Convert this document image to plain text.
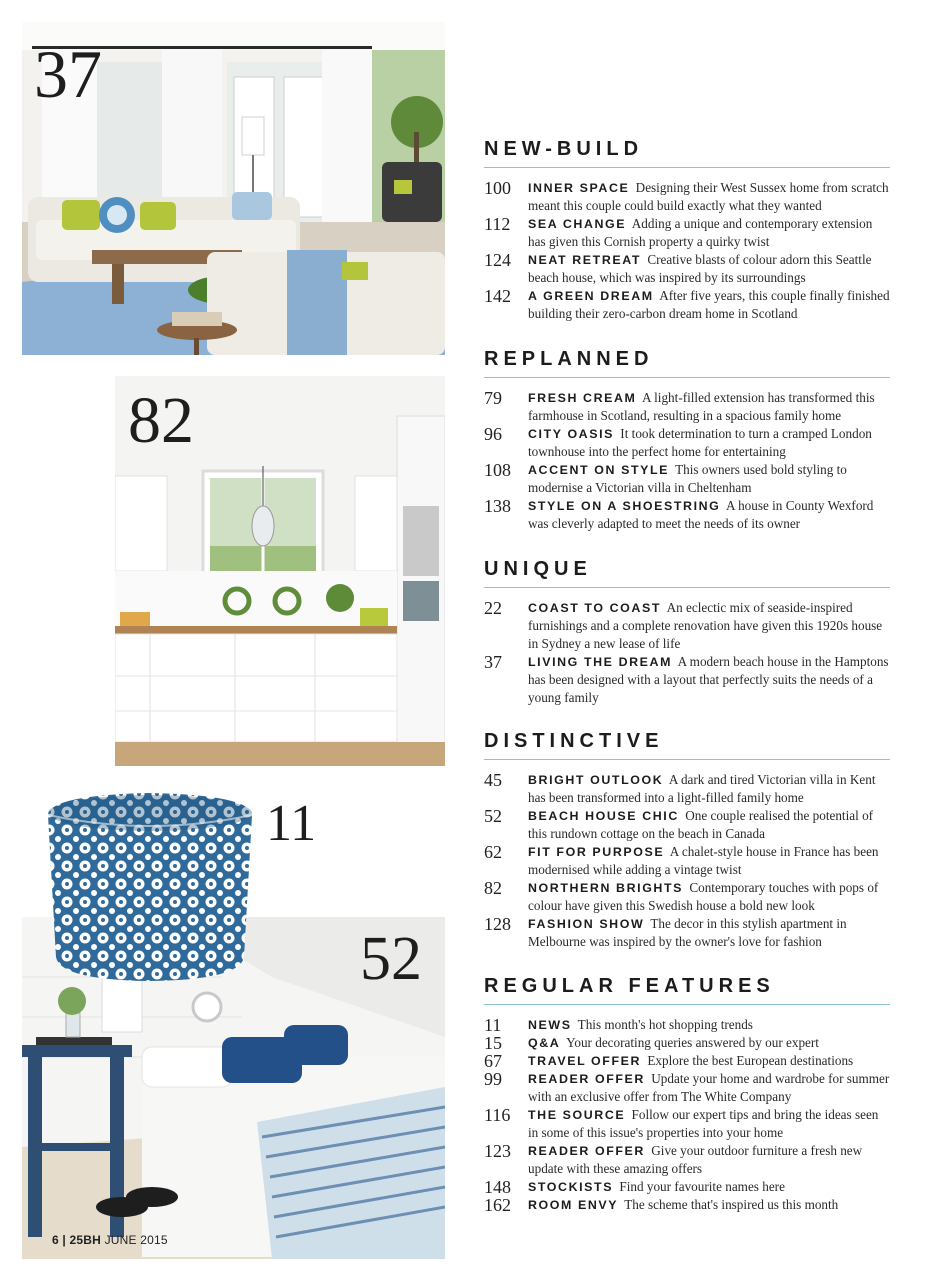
37
82
52
11
6 | 25BH JUNE 2015
NEW-BUILD
100	INNER SPACE Designing their West Sussex home from scratch meant this couple could build exactly what they wanted
112	SEA CHANGE Adding a unique and contemporary extension has given this Cornish property a quirky twist
124	NEAT RETREAT Creative blasts of colour adorn this Seattle beach house, which was inspired by its surroundings
142	A GREEN DREAM After five years, this couple finally finished building their zero-carbon dream home in Scotland
REPLANNED
79	FRESH CREAM A light-filled extension has transformed this farmhouse in Scotland, resulting in a spacious family home
96	CITY OASIS It took determination to turn a cramped London townhouse into the perfect home for entertaining
108	ACCENT ON STYLE This owners used bold styling to modernise a Victorian villa in Cheltenham
138	STYLE ON A SHOESTRING A house in County Wexford was cleverly adapted to meet the needs of its owner
UNIQUE
22	COAST TO COAST An eclectic mix of seaside-inspired furnishings and a complete renovation have given this 1920s house in Sydney a new lease of life
37	LIVING THE DREAM A modern beach house in the Hamptons has been designed with a layout that perfectly suits the needs of a young family
DISTINCTIVE
45	BRIGHT OUTLOOK A dark and tired Victorian villa in Kent has been transformed into a light-filled family home
52	BEACH HOUSE CHIC One couple realised the potential of this rundown cottage on the beach in Canada
62	FIT FOR PURPOSE A chalet-style house in France has been modernised while adding a vintage twist
82	NORTHERN BRIGHTS Contemporary touches with pops of colour have given this Swedish house a bold new look
128	FASHION SHOW The decor in this stylish apartment in Melbourne was inspired by the owner's love for fashion
REGULAR FEATURES
11	NEWS This month's hot shopping trends
15	Q&A Your decorating queries answered by our expert
67	TRAVEL OFFER Explore the best European destinations
99	READER OFFER Update your home and wardrobe for summer with an exclusive offer from The White Company
116	THE SOURCE Follow our expert tips and bring the ideas seen in some of this issue's properties into your home
123	READER OFFER Give your outdoor furniture a fresh new update with these amazing offers
148	STOCKISTS Find your favourite names here
162	ROOM ENVY The scheme that's inspired us this month
